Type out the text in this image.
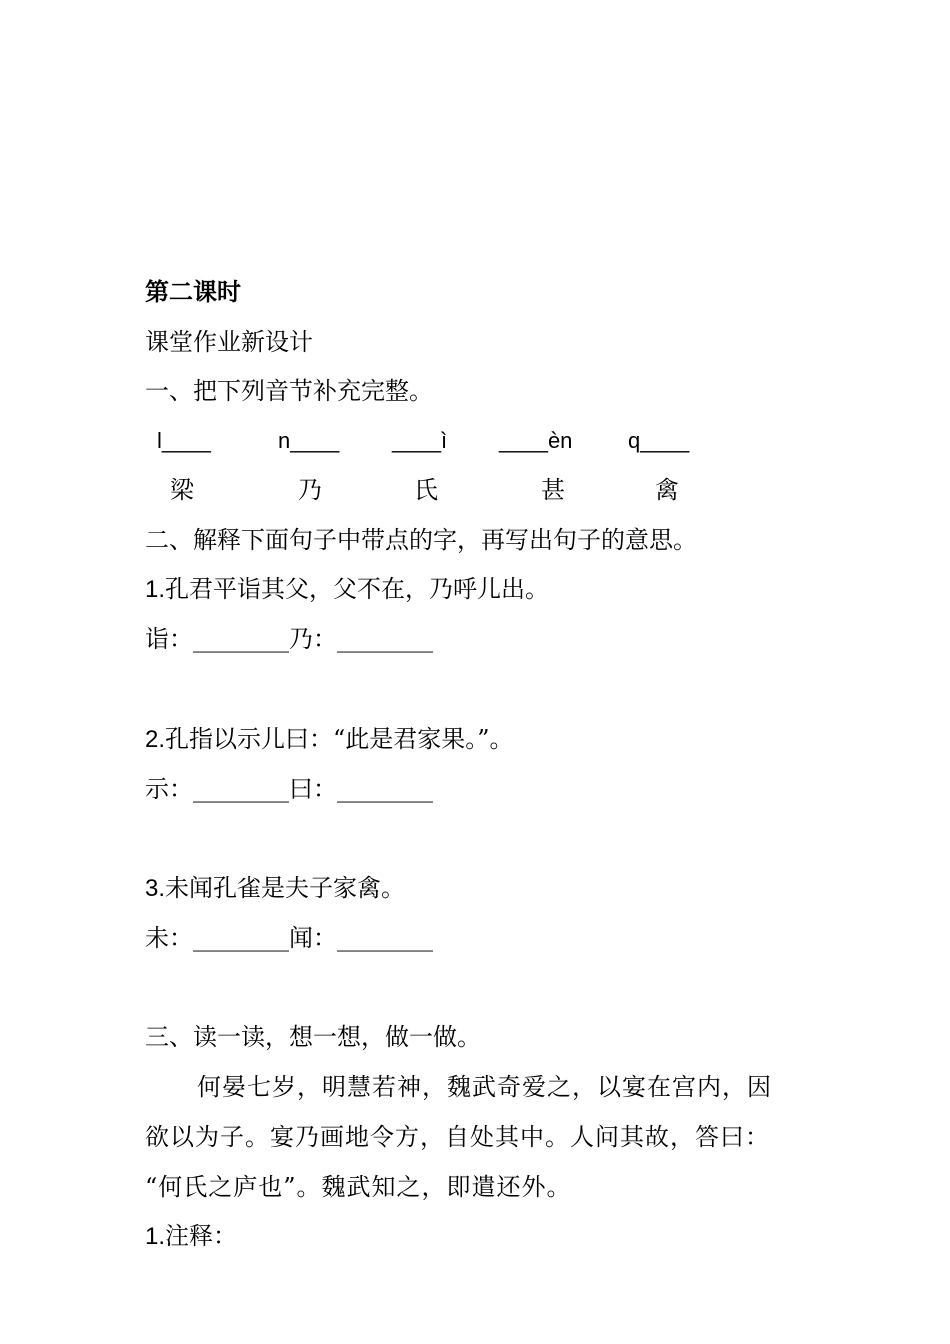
第二课时
课堂作业新设计
一、把下列音节补充完整。
l____	n____ ____ì ____èn	q____
梁	乃	氏	甚	禽
二、解释下面句子中带点的字，再写出句子的意思。
1.孔君平诣其父，父不在，乃呼儿出。
诣：________乃：________
2.孔指以示儿曰：“此是君家果。”。
示：________曰：________
3.未闻孔雀是夫子家禽。
未：________闻：________
三、读一读，想一想，做一做。
何晏七岁，明慧若神，魏武奇爱之，以宴在宫内，因
欲以为子。宴乃画地令方，自处其中。人问其故，答曰：
“何氏之庐也”。魏武知之，即遣还外。
1.注释：
